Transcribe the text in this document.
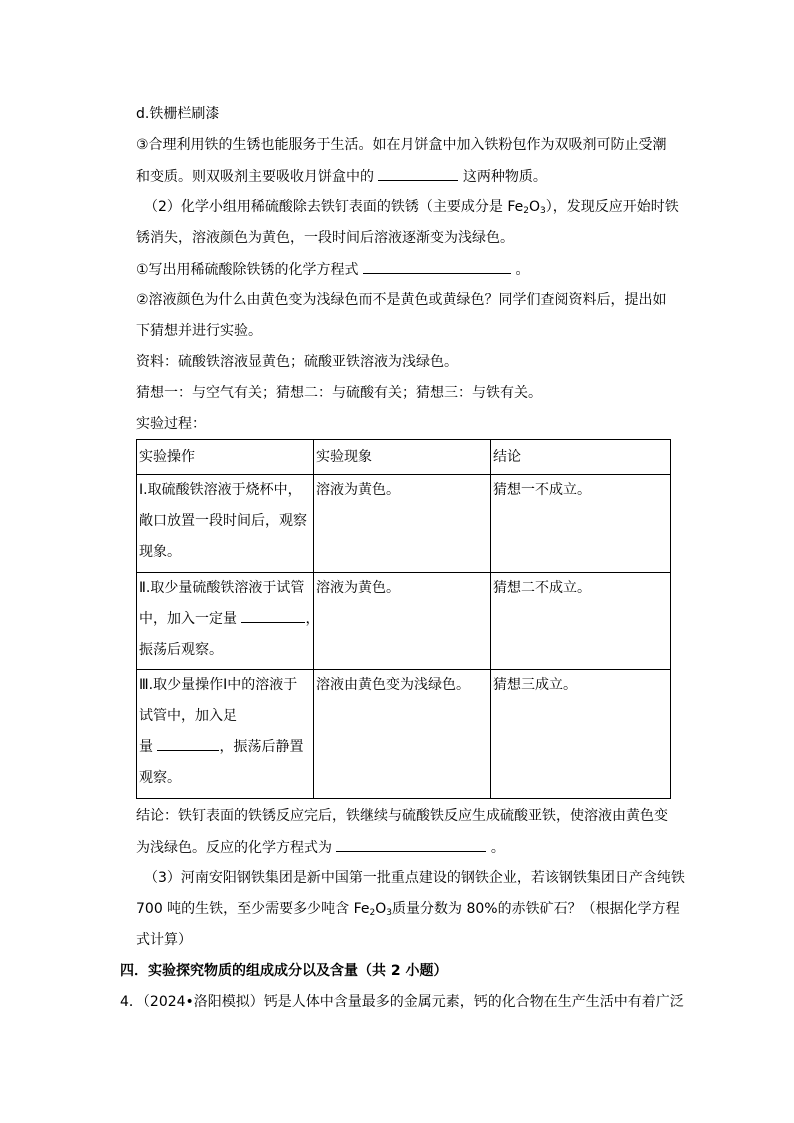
d.铁栅栏刷漆
③合理利用铁的生锈也能服务于生活。如在月饼盒中加入铁粉包作为双吸剂可防止受潮
和变质。则双吸剂主要吸收月饼盒中的	这两种物质。
（2）化学小组用稀硫酸除去铁钉表面的铁锈（主要成分是 $Fe_2O_3$），发现反应开始时铁
锈消失，溶液颜色为黄色，一段时间后溶液逐渐变为浅绿色。
①写出用稀硫酸除铁锈的化学方程式	。
②溶液颜色为什么由黄色变为浅绿色而不是黄色或黄绿色？同学们查阅资料后，提出如
下猜想并进行实验。
资料：硫酸铁溶液显黄色；硫酸亚铁溶液为浅绿色。
猜想一：与空气有关；猜想二：与硫酸有关；猜想三：与铁有关。
实验过程：
实验操作	实验现象	结论

Ⅰ.取硫酸铁溶液于烧杯中，
敞口放置一段时间后，观察
现象。	溶液为黄色。	猜想一不成立。

Ⅱ.取少量硫酸铁溶液于试管
中，加入一定量 ，
振荡后观察。	溶液为黄色。	猜想二不成立。

Ⅲ.取少量操作Ⅰ中的溶液于
试管中，加入足
量 ，振荡后静置
观察。	溶液由黄色变为浅绿色。	猜想三成立。
结论：铁钉表面的铁锈反应完后，铁继续与硫酸铁反应生成硫酸亚铁，使溶液由黄色变
为浅绿色。反应的化学方程式为	。
（3）河南安阳钢铁集团是新中国第一批重点建设的钢铁企业，若该钢铁集团日产含纯铁
700 吨的生铁，至少需要多少吨含 $Fe_2O_3$质量分数为 80%的赤铁矿石？（根据化学方程
式计算）
四．实验探究物质的组成成分以及含量（共 2 小题）
4．（2024•洛阳模拟）钙是人体中含量最多的金属元素，钙的化合物在生产生活中有着广泛
